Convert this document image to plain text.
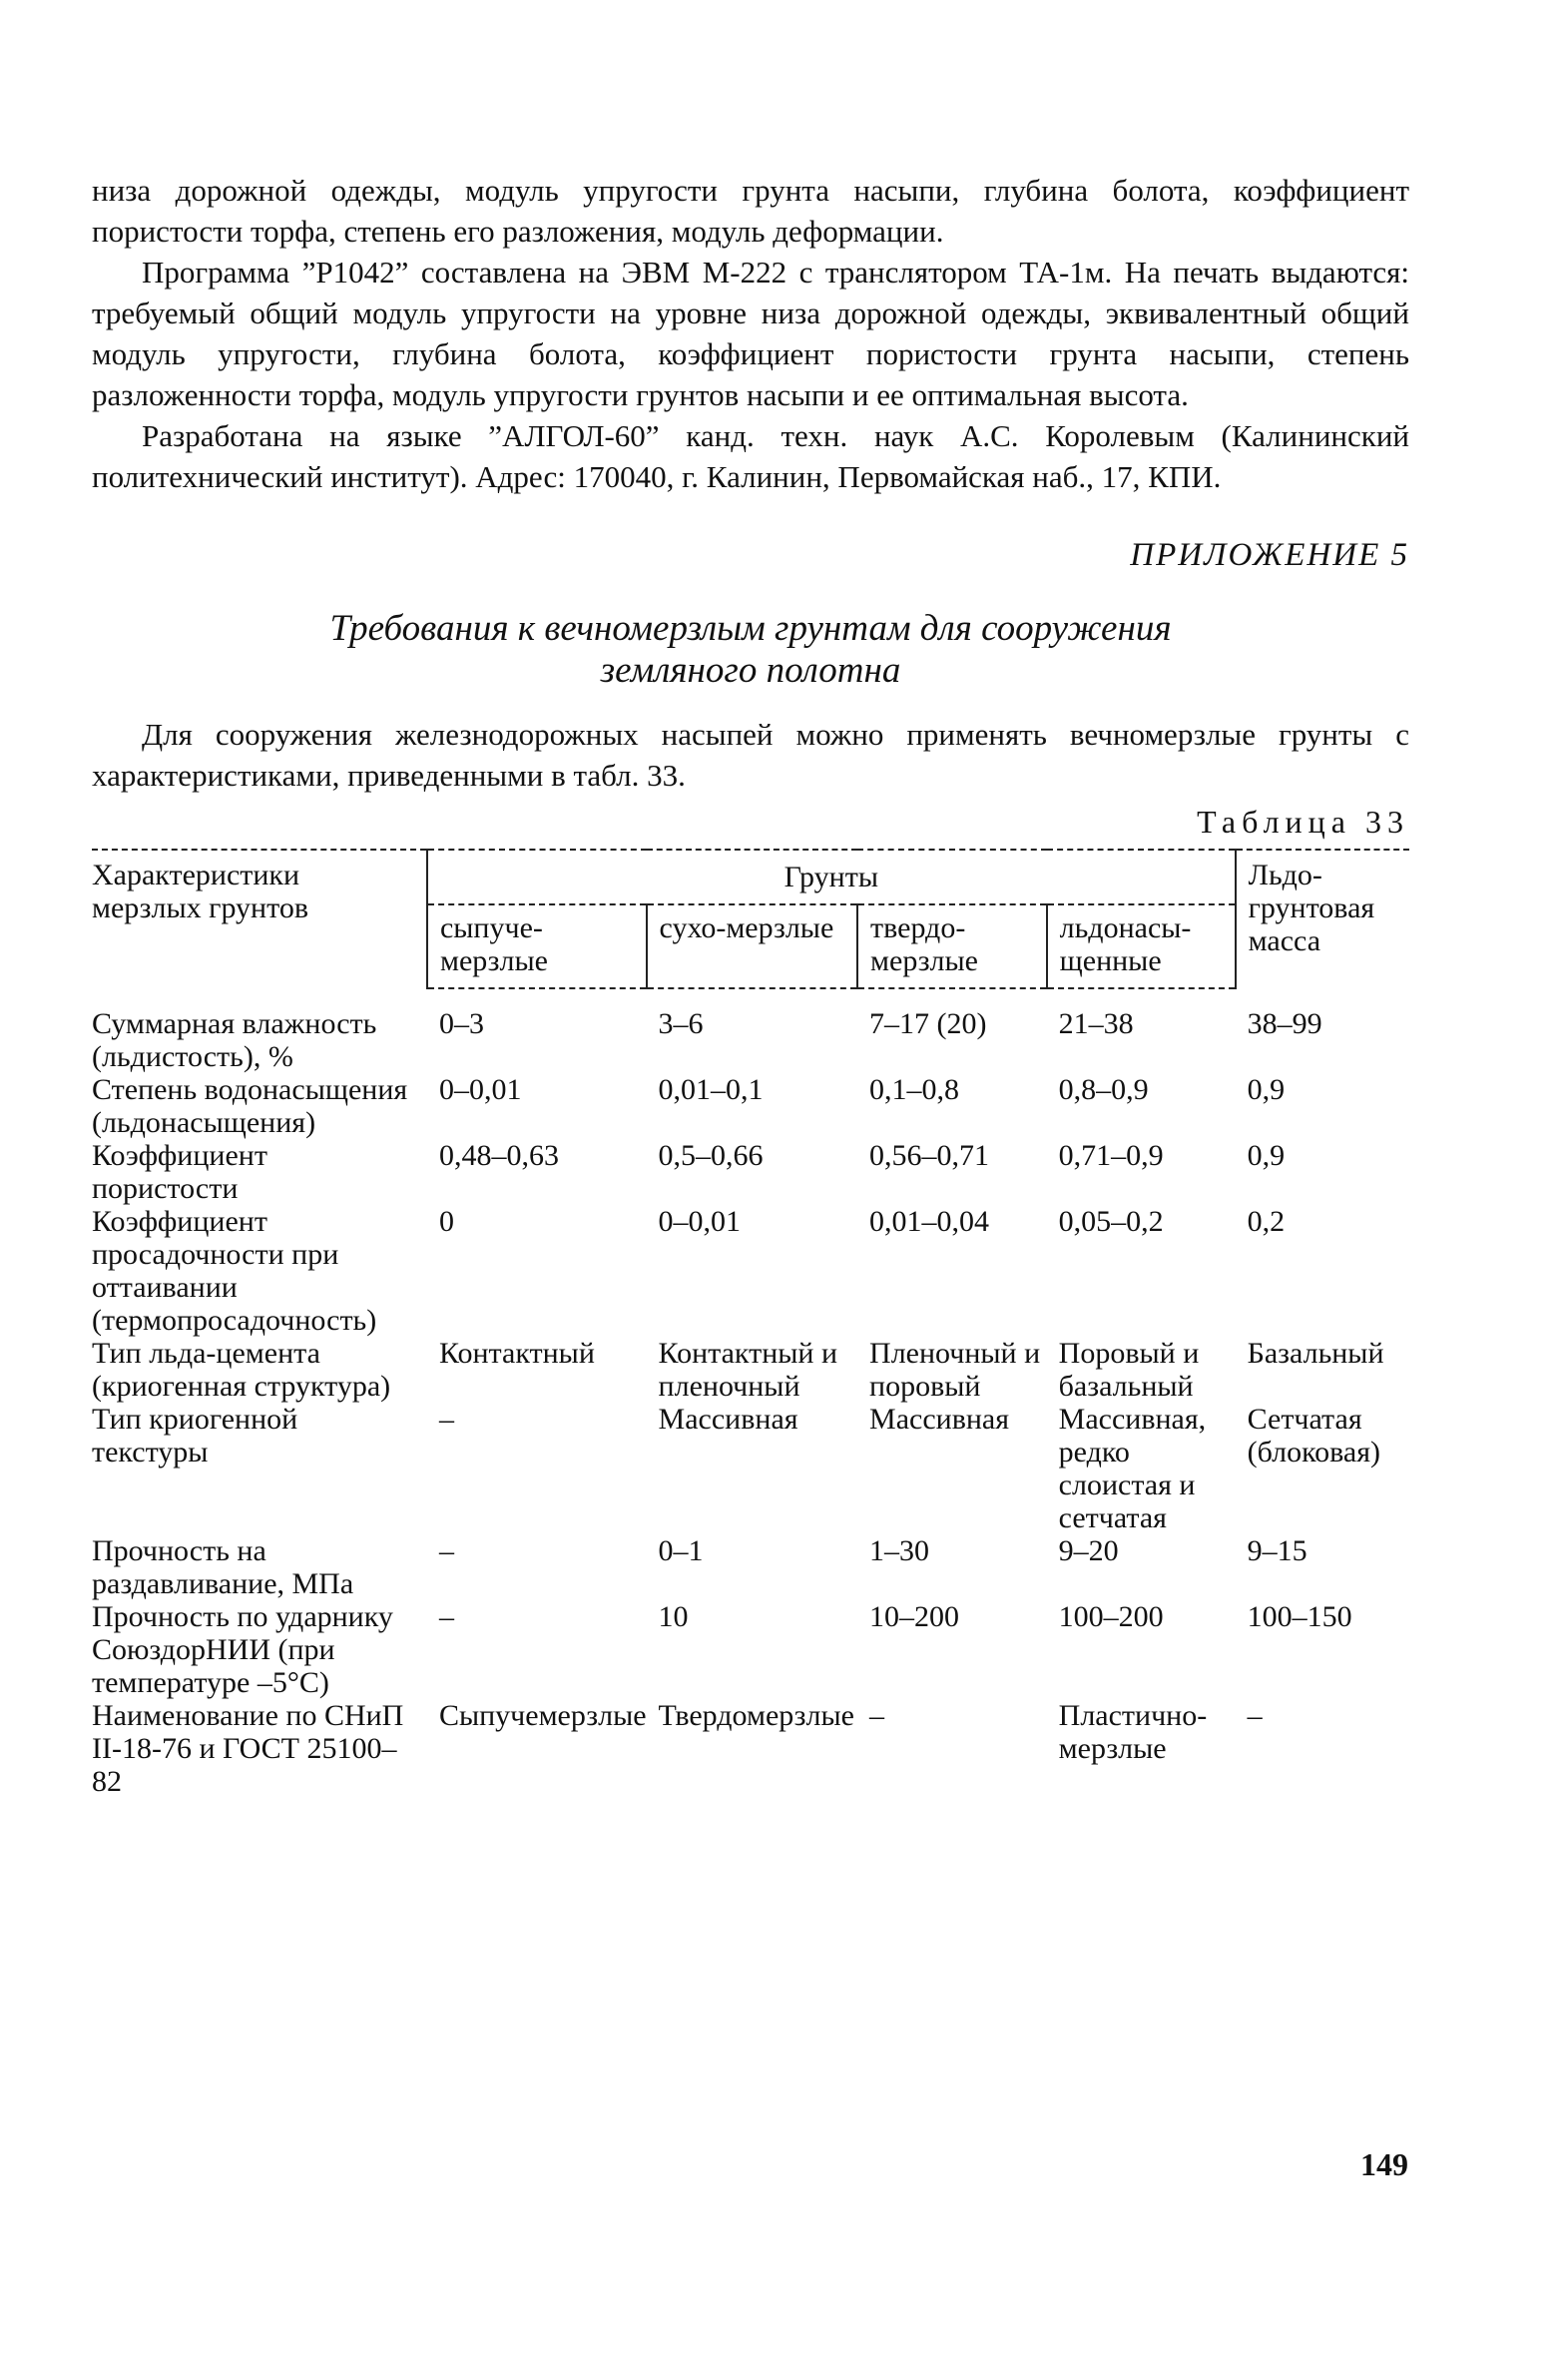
низа дорожной одежды, модуль упругости грунта насыпи, глубина болота, коэффициент пористости торфа, степень его разложения, модуль деформации.

Программа ”Р1042” составлена на ЭВМ М-222 с транслятором ТА-1м. На печать выдаются: требуемый общий модуль упругости на уровне низа дорожной одежды, эквивалентный общий модуль упругости, глубина болота, коэффициент пористости грунта насыпи, степень разложенности торфа, модуль упругости грунтов насыпи и ее оптимальная высота.

Разработана на языке ”АЛГОЛ-60” канд. техн. наук А.С. Королевым (Калининский политехнический институт). Адрес: 170040, г. Калинин, Первомайская наб., 17, КПИ.

ПРИЛОЖЕНИЕ 5
Требования к вечномерзлым грунтам для сооружения
земляного полотна

Для сооружения железнодорожных насыпей можно применять вечномерзлые грунты с характеристиками, приведенными в табл. 33.

Таблица 33
Характеристики мерзлых грунтов	Грунты				Льдо-грунтовая масса
	сыпуче-мерзлые	сухо-мерзлые	твердо-мерзлые	льдонасы-щенные	

Суммарная влажность (льдистость), %	0–3	3–6	7–17 (20)	21–38	38–99
Степень водонасыщения (льдонасыщения)	0–0,01	0,01–0,1	0,1–0,8	0,8–0,9	0,9
Коэффициент пористости	0,48–0,63	0,5–0,66	0,56–0,71	0,71–0,9	0,9
Коэффициент просадочности при оттаивании (термопросадочность)	0	0–0,01	0,01–0,04	0,05–0,2	0,2
Тип льда-цемента (криогенная структура)	Контактный	Контактный и пленочный	Пленочный и поровый	Поровый и базальный	Базальный
Тип криогенной текстуры	–	Массивная	Массивная	Массивная, редко слоистая и сетчатая	Сетчатая (блоковая)
Прочность на раздавливание, МПа	–	0–1	1–30	9–20	9–15
Прочность по ударнику СоюздорНИИ (при температуре –5°С)	–	10	10–200	100–200	100–150
Наименование по СНиП II-18-76 и ГОСТ 25100–82	Сыпучемерзлые	Твердомерзлые	–	Пластично-мерзлые	–
149
